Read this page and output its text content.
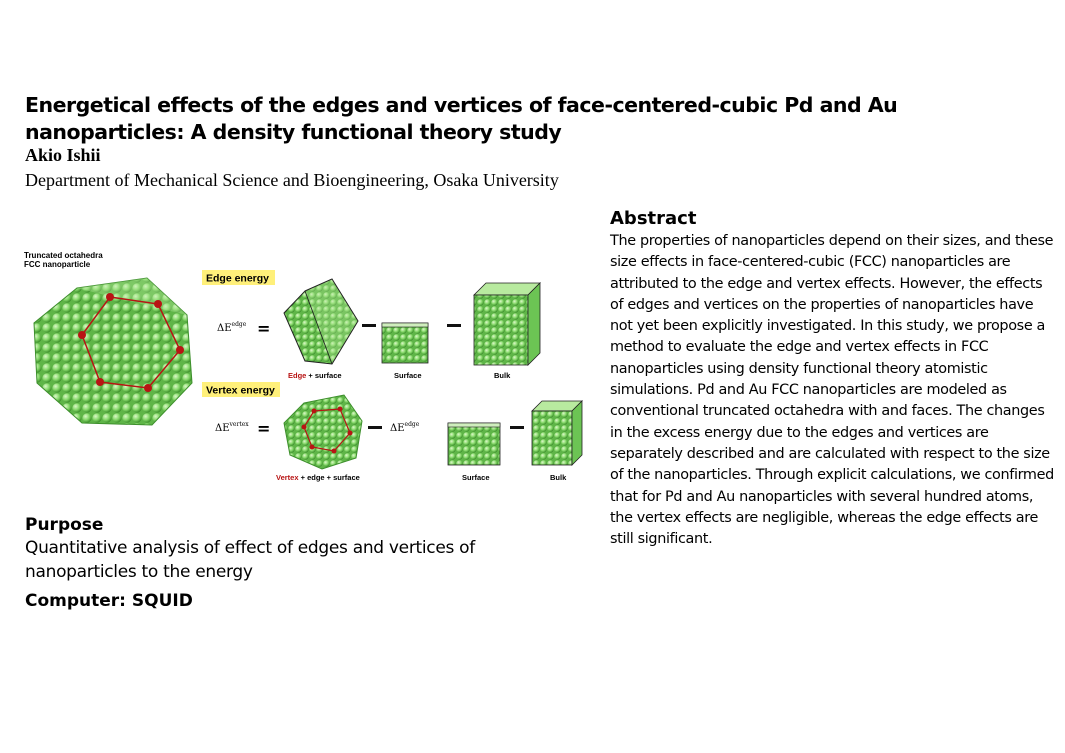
Energetical effects of the edges and vertices of face-centered-cubic Pd and Au nanoparticles: A density functional theory study
Akio Ishii
Department of Mechanical Science and Bioengineering, Osaka University
Abstract

The properties of nanoparticles depend on their sizes, and these size effects in face-centered-cubic (FCC) nanoparticles are attributed to the edge and vertex effects. However, the effects of edges and vertices on the properties of nanoparticles have not yet been explicitly investigated. In this study, we propose a method to evaluate the edge and vertex effects in FCC nanoparticles using density functional theory atomistic simulations. Pd and Au FCC nanoparticles are modeled as conventional truncated octahedra with and faces. The changes in the excess energy due to the edges and vertices are separately described and are calculated with respect to the size of the nanoparticles. Through explicit calculations, we confirmed that for Pd and Au nanoparticles with several hundred atoms, the vertex effects are negligible, whereas the edge effects are still significant.

Purpose

Quantitative analysis of effect of edges and vertices of nanoparticles to the energy

Computer: SQUID
Truncated octahedra
FCC nanoparticle
Edge energy
Vertex energy
$\Delta E^{edge}$ =
Edge + surface	Surface	Bulk
$\Delta E^{vertex}$ =
Vertex + edge + surface
$\Delta E^{edge}$
Surface	Bulk
